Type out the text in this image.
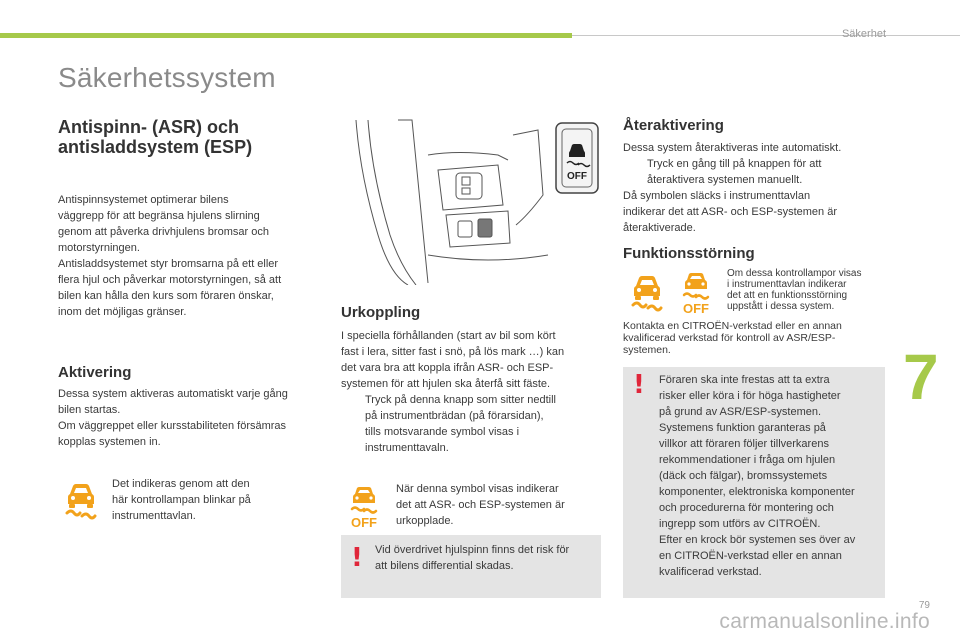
Säkerhet
Säkerhetssystem
Antispinn- (ASR) och
antisladdsystem (ESP)
Antispinnsystemet optimerar bilens
väggrepp för att begränsa hjulens slirning
genom att påverka drivhjulens bromsar och
motorstyrningen.
Antisladdsystemet styr bromsarna på ett eller
flera hjul och påverkar motorstyrningen, så att
bilen kan hålla den kurs som föraren önskar,
inom det möjligas gränser.
Aktivering
Dessa system aktiveras automatiskt varje gång
bilen startas.
Om väggreppet eller kursstabiliteten försämras
kopplas systemen in.
Det indikeras genom att den
här kontrollampan blinkar på
instrumenttavlan.
OFF
Urkoppling
I speciella förhållanden (start av bil som kört
fast i lera, sitter fast i snö, på lös mark …) kan
det vara bra att koppla ifrån ASR- och ESP-
systemen för att hjulen ska återfå sitt fäste.
Tryck på denna knapp som sitter nedtill
på instrumentbrädan (på förarsidan),
tills motsvarande symbol visas i
instrumenttavaln.
OFF
När denna symbol visas indikerar
det att ASR- och ESP-systemen är
urkopplade.
! Vid överdrivet hjulspinn finns det risk för
att bilens differential skadas.
Återaktivering
Dessa system återaktiveras inte automatiskt.
Tryck en gång till på knappen för att
återaktivera systemen manuellt.
Då symbolen släcks i instrumenttavlan
indikerar det att ASR- och ESP-systemen är
återaktiverade.
Funktionsstörning
OFF
Om dessa kontrollampor visas
i instrumenttavlan indikerar
det att en funktionsstörning
uppstått i dessa system.
Kontakta en CITROËN-verkstad eller en annan
kvalificerad verkstad för kontroll av ASR/ESP-
systemen.
! Föraren ska inte frestas att ta extra
risker eller köra i för höga hastigheter
på grund av ASR/ESP-systemen.
Systemens funktion garanteras på
villkor att föraren följer tillverkarens
rekommendationer i fråga om hjulen
(däck och fälgar), bromssystemets
komponenter, elektroniska komponenter
och procedurerna för montering och
ingrepp som utförs av CITROËN.
Efter en krock bör systemen ses över av
en CITROËN-verkstad eller en annan
kvalificerad verkstad.
7
79
carmanualsonline.info
